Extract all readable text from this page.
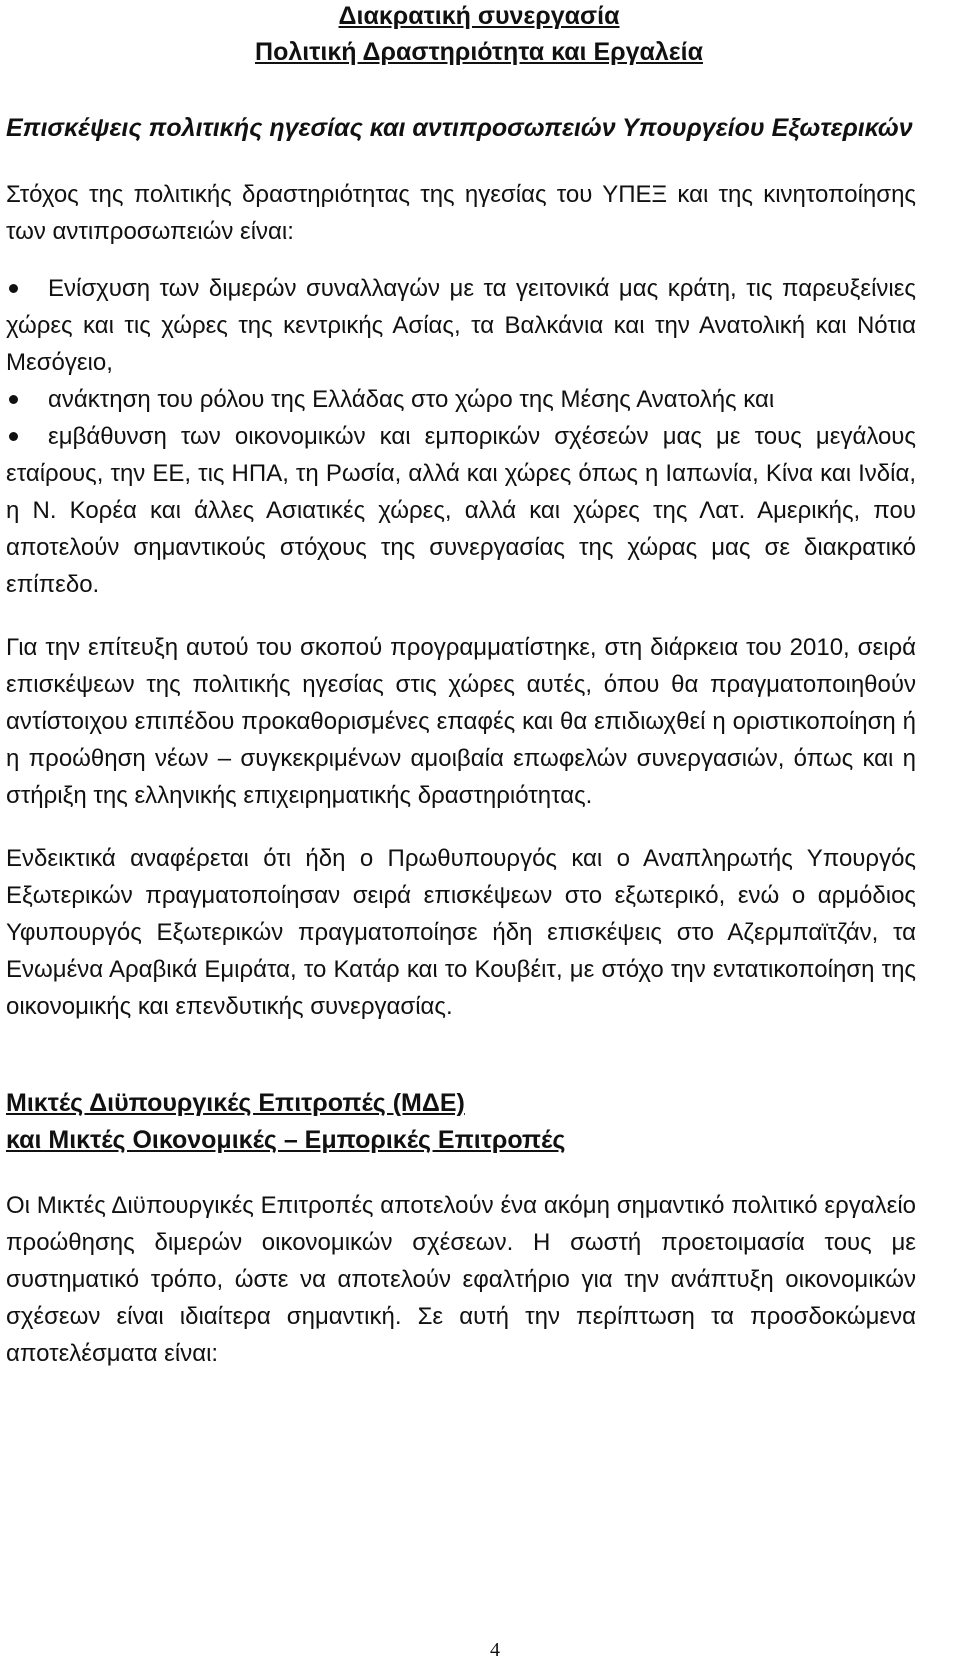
Διακρατική συνεργασία
Πολιτική Δραστηριότητα και Εργαλεία
Επισκέψεις πολιτικής ηγεσίας και αντιπροσωπειών Υπουργείου Εξωτερικών

Στόχος της πολιτικής δραστηριότητας της ηγεσίας του ΥΠΕΞ και της κινητοποίησης των αντιπροσωπειών είναι:

Ενίσχυση των διμερών συναλλαγών με τα γειτονικά μας κράτη, τις παρευξείνιες χώρες και τις χώρες της κεντρικής Ασίας, τα Βαλκάνια και την Ανατολική και Νότια Μεσόγειο,
ανάκτηση του ρόλου της Ελλάδας στο χώρο της Μέσης Ανατολής και
εμβάθυνση των οικονομικών και εμπορικών σχέσεών μας με τους μεγάλους εταίρους, την ΕΕ, τις ΗΠΑ, τη Ρωσία, αλλά και χώρες όπως η Ιαπωνία, Κίνα και Ινδία, η Ν. Κορέα και άλλες Ασιατικές χώρες, αλλά και χώρες της Λατ. Αμερικής, που αποτελούν σημαντικούς στόχους της συνεργασίας της χώρας μας σε διακρατικό επίπεδο.

Για την επίτευξη αυτού του σκοπού προγραμματίστηκε, στη διάρκεια του 2010, σειρά επισκέψεων της πολιτικής ηγεσίας στις χώρες αυτές, όπου θα πραγματοποιηθούν αντίστοιχου επιπέδου προκαθορισμένες επαφές και θα επιδιωχθεί η οριστικοποίηση ή η προώθηση νέων – συγκεκριμένων αμοιβαία επωφελών συνεργασιών, όπως και η στήριξη της ελληνικής επιχειρηματικής δραστηριότητας.

Ενδεικτικά αναφέρεται ότι ήδη ο Πρωθυπουργός και ο Αναπληρωτής Υπουργός Εξωτερικών πραγματοποίησαν σειρά επισκέψεων στο εξωτερικό, ενώ ο αρμόδιος Υφυπουργός Εξωτερικών πραγματοποίησε ήδη επισκέψεις στο Αζερμπαϊτζάν, τα Ενωμένα Αραβικά Εμιράτα, το Κατάρ και το Κουβέιτ, με στόχο την εντατικοποίηση της οικονομικής και επενδυτικής συνεργασίας.

Μικτές Διϋπουργικές Επιτροπές (ΜΔΕ)
και Μικτές Οικονομικές – Εμπορικές Επιτροπές

Οι Μικτές Διϋπουργικές Επιτροπές αποτελούν ένα ακόμη σημαντικό πολιτικό εργαλείο προώθησης διμερών οικονομικών σχέσεων. Η σωστή προετοιμασία τους με συστηματικό τρόπο, ώστε να αποτελούν εφαλτήριο για την ανάπτυξη οικονομικών σχέσεων είναι ιδιαίτερα σημαντική. Σε αυτή την περίπτωση τα προσδοκώμενα αποτελέσματα είναι:

4
